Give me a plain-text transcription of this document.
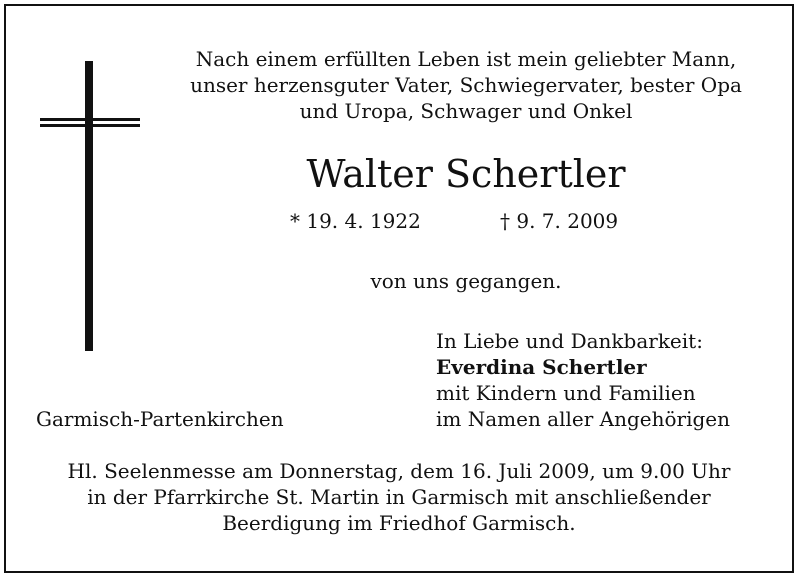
Nach einem erfüllten Leben ist mein geliebter Mann,
unser herzensguter Vater, Schwiegervater, bester Opa
und Uropa, Schwager und Onkel
Walter Schertler
* 19. 4. 1922	† 9. 7. 2009
von uns gegangen.
In Liebe und Dankbarkeit:
Everdina Schertler
mit Kindern und Familien
im Namen aller Angehörigen
Garmisch-Partenkirchen
Hl. Seelenmesse am Donnerstag, dem 16. Juli 2009, um 9.00 Uhr
in der Pfarrkirche St. Martin in Garmisch mit anschließender
Beerdigung im Friedhof Garmisch.
